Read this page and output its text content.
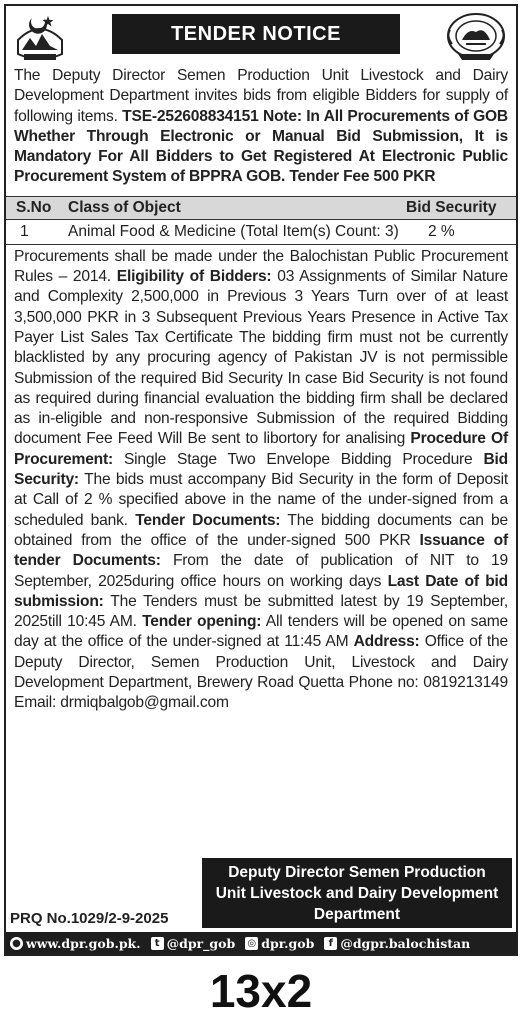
TENDER NOTICE
The Deputy Director Semen Production Unit Livestock and Dairy Development Department invites bids from eligible Bidders for supply of following items. TSE-252608834151 Note: In All Procurements of GOB Whether Through Electronic or Manual Bid Submission, It is Mandatory For All Bidders to Get Registered At Electronic Public Procurement System of BPPRA GOB. Tender Fee 500 PKR
S.No	Class of Object	Bid Security
1	Animal Food & Medicine (Total Item(s) Count: 3)	2 %
Procurements shall be made under the Balochistan Public Procurement Rules – 2014. Eligibility of Bidders: 03 Assignments of Similar Nature and Complexity 2,500,000 in Previous 3 Years Turn over of at least 3,500,000 PKR in 3 Subsequent Previous Years Presence in Active Tax Payer List Sales Tax Certificate The bidding firm must not be currently blacklisted by any procuring agency of Pakistan JV is not permissible Submission of the required Bid Security In case Bid Security is not found as required during financial evaluation the bidding firm shall be declared as in-eligible and non-responsive Submission of the required Bidding document Fee Feed Will Be sent to libortory for analising Procedure Of Procurement: Single Stage Two Envelope Bidding Procedure Bid Security: The bids must accompany Bid Security in the form of Deposit at Call of 2 % specified above in the name of the under-signed from a scheduled bank. Tender Documents: The bidding documents can be obtained from the office of the under-signed 500 PKR Issuance of tender Documents: From the date of publication of NIT to 19 September, 2025during office hours on working days Last Date of bid submission: The Tenders must be submitted latest by 19 September, 2025till 10:45 AM. Tender opening: All tenders will be opened on same day at the office of the under-signed at 11:45 AM Address: Office of the Deputy Director, Semen Production Unit, Livestock and Dairy Development Department, Brewery Road Quetta Phone no: 0819213149 Email: drmiqbalgob@gmail.com
Deputy Director Semen Production
Unit Livestock and Dairy Development
Department
PRQ No.1029/2-9-2025
● www.dpr.gob.pk.	t @dpr_gob ◎ dpr.gob	f @dgpr.balochistan
13x2
